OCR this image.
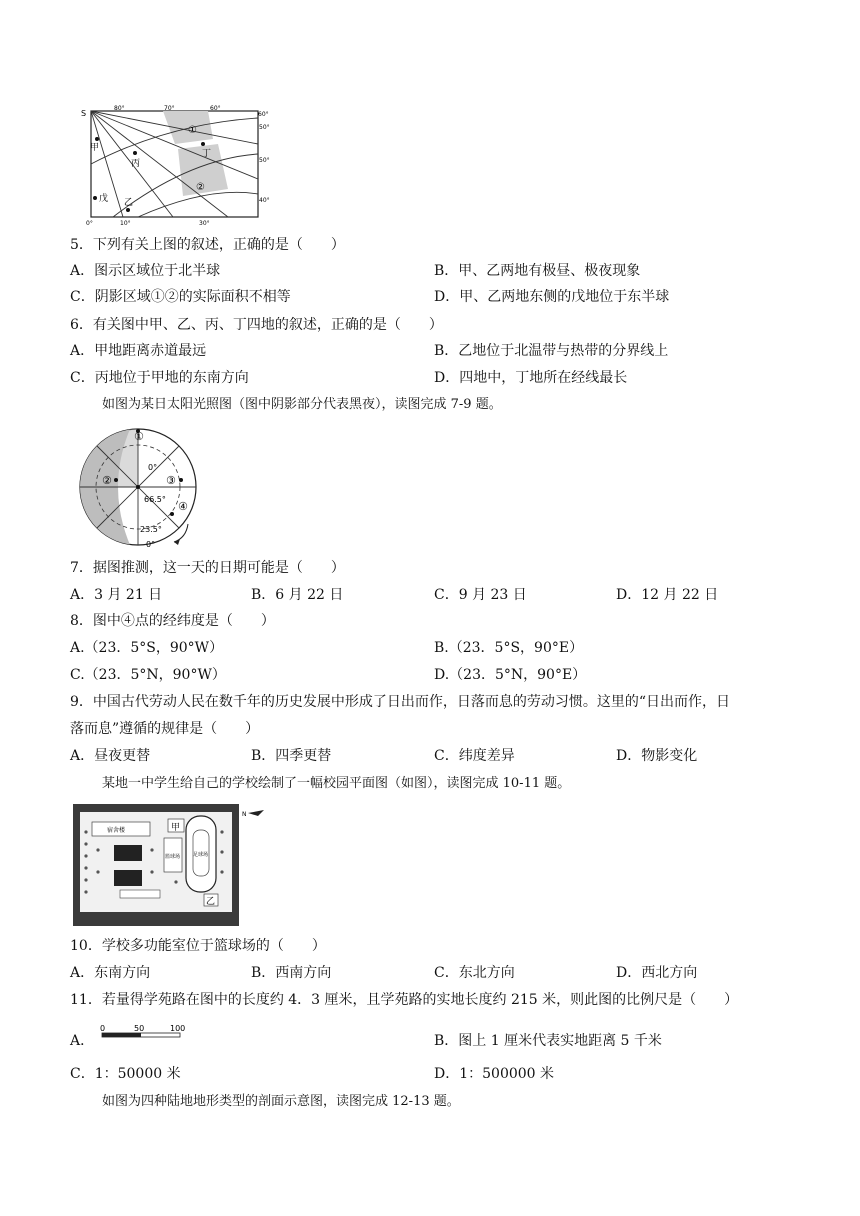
S
80°	70°	60°
60°
50°
50°
40°
0°	10°	30°
甲
丙
丁
乙
戊
①
②
5．下列有关上图的叙述，正确的是（　　）
A．图示区域位于北半球	B．甲、乙两地有极昼、极夜现象
C．阴影区域①②的实际面积不相等	D．甲、乙两地东侧的戊地位于东半球
6．有关图中甲、乙、丙、丁四地的叙述，正确的是（　　）
A．甲地距离赤道最远	B．乙地位于北温带与热带的分界线上
C．丙地位于甲地的东南方向	D．四地中，丁地所在经线最长
如图为某日太阳光照图（图中阴影部分代表黑夜），读图完成 7-9 题。
①
②	③
④
0°
66.5°
23.5°
0°
7．据图推测，这一天的日期可能是（　　）
A．3 月 21 日	B．6 月 22 日	C．9 月 23 日	D．12 月 22 日
8．图中④点的经纬度是（　　）
A.（23．5°S，90°W）	B.（23．5°S，90°E）
C.（23．5°N，90°W）	D.（23．5°N，90°E）
9．中国古代劳动人民在数千年的历史发展中形成了日出而作，日落而息的劳动习惯。这里的“日出而作，日
落而息”遵循的规律是（　　）
A．昼夜更替	B．四季更替	C．纬度差异	D．物影变化
某地一中学生给自己的学校绘制了一幅校园平面图（如图），读图完成 10-11 题。
宿舍楼	甲
篮球场	足球场
乙
N
10．学校多功能室位于篮球场的（　　）
A．东南方向	B．西南方向	C．东北方向	D．西北方向
11．若量得学苑路在图中的长度约 4．3 厘米，且学苑路的实地长度约 215 米，则此图的比例尺是（　　）
A．
0	50	100
B．图上 1 厘米代表实地距离 5 千米
C．1：50000 米	D．1：500000 米
如图为四种陆地地形类型的剖面示意图，读图完成 12-13 题。
